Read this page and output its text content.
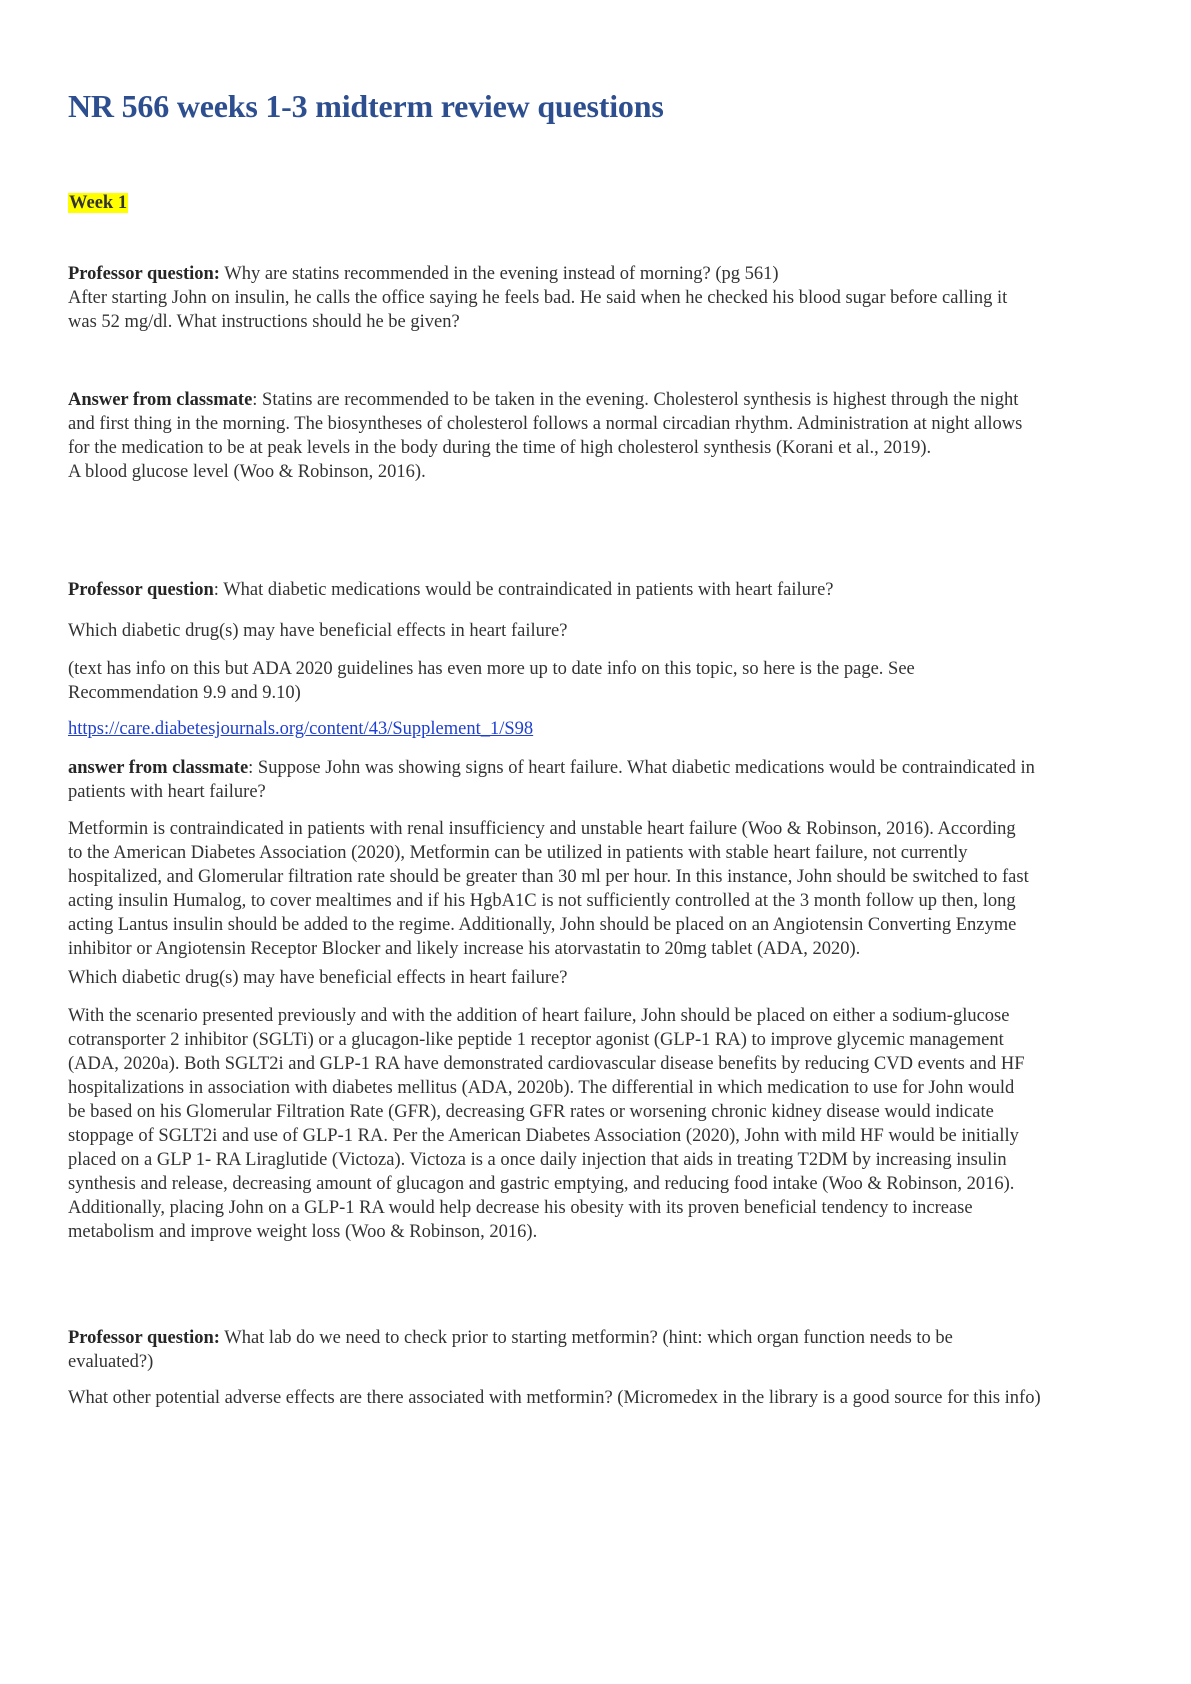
NR 566 weeks 1-3 midterm review questions
Week 1
Professor question: Why are statins recommended in the evening instead of morning? (pg 561)
After starting John on insulin, he calls the office saying he feels bad. He said when he checked his blood sugar before calling it
was 52 mg/dl. What instructions should he be given?
Answer from classmate: Statins are recommended to be taken in the evening. Cholesterol synthesis is highest through the night
and first thing in the morning. The biosyntheses of cholesterol follows a normal circadian rhythm. Administration at night allows
for the medication to be at peak levels in the body during the time of high cholesterol synthesis (Korani et al., 2019).
A blood glucose level (Woo & Robinson, 2016).
Professor question: What diabetic medications would be contraindicated in patients with heart failure?
Which diabetic drug(s) may have beneficial effects in heart failure?
(text has info on this but ADA 2020 guidelines has even more up to date info on this topic, so here is the page. See
Recommendation 9.9 and 9.10)
https://care.diabetesjournals.org/content/43/Supplement_1/S98
answer from classmate: Suppose John was showing signs of heart failure. What diabetic medications would be contraindicated in
patients with heart failure?
Metformin is contraindicated in patients with renal insufficiency and unstable heart failure (Woo & Robinson, 2016). According
to the American Diabetes Association (2020), Metformin can be utilized in patients with stable heart failure, not currently
hospitalized, and Glomerular filtration rate should be greater than 30 ml per hour. In this instance, John should be switched to fast
acting insulin Humalog, to cover mealtimes and if his HgbA1C is not sufficiently controlled at the 3 month follow up then, long
acting Lantus insulin should be added to the regime. Additionally, John should be placed on an Angiotensin Converting Enzyme
inhibitor or Angiotensin Receptor Blocker and likely increase his atorvastatin to 20mg tablet (ADA, 2020).
Which diabetic drug(s) may have beneficial effects in heart failure?
With the scenario presented previously and with the addition of heart failure, John should be placed on either a sodium-glucose
cotransporter 2 inhibitor (SGLTi) or a glucagon-like peptide 1 receptor agonist (GLP-1 RA) to improve glycemic management
(ADA, 2020a). Both SGLT2i and GLP-1 RA have demonstrated cardiovascular disease benefits by reducing CVD events and HF
hospitalizations in association with diabetes mellitus (ADA, 2020b). The differential in which medication to use for John would
be based on his Glomerular Filtration Rate (GFR), decreasing GFR rates or worsening chronic kidney disease would indicate
stoppage of SGLT2i and use of GLP-1 RA. Per the American Diabetes Association (2020), John with mild HF would be initially
placed on a GLP 1- RA Liraglutide (Victoza). Victoza is a once daily injection that aids in treating T2DM by increasing insulin
synthesis and release, decreasing amount of glucagon and gastric emptying, and reducing food intake (Woo & Robinson, 2016).
Additionally, placing John on a GLP-1 RA would help decrease his obesity with its proven beneficial tendency to increase
metabolism and improve weight loss (Woo & Robinson, 2016).
Professor question: What lab do we need to check prior to starting metformin? (hint: which organ function needs to be
evaluated?)
What other potential adverse effects are there associated with metformin? (Micromedex in the library is a good source for this info)
